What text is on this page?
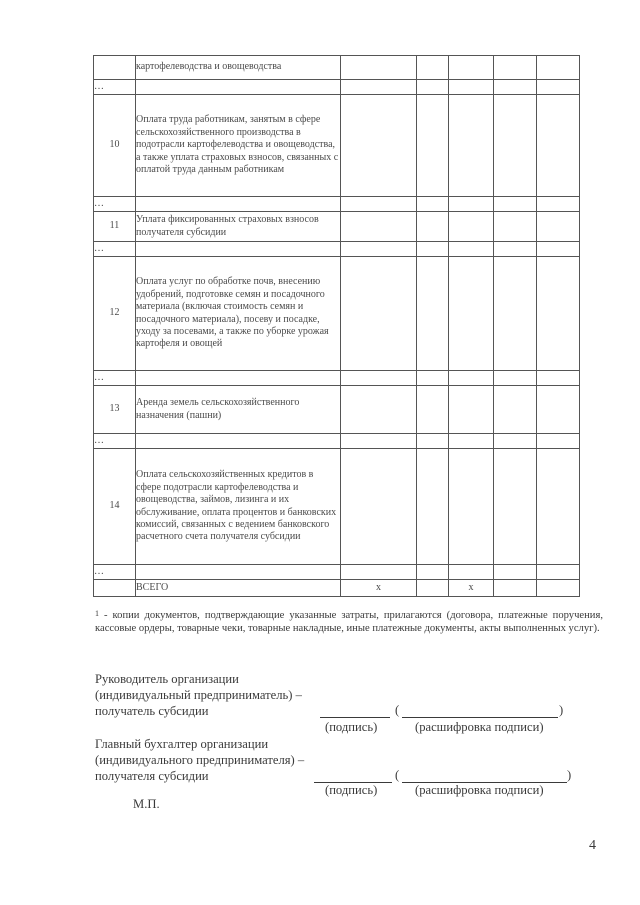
	картофелеводства и овощеводства					
…						
10	Оплата труда работникам, занятым в сфере сельскохозяйственного производства в подотрасли картофелеводства и овощеводства, а также уплата страховых взносов, связанных с оплатой труда данным работникам					
…						
11	Уплата фиксированных страховых взносов получателя субсидии					
…						
12	Оплата услуг по обработке почв, внесению удобрений, подготовке семян и посадочного материала (включая стоимость семян и посадочного материала), посеву и посадке, уходу за посевами, а также по уборке урожая картофеля и овощей					
…						
13	Аренда земель сельскохозяйственного назначения (пашни)					
…						
14	Оплата сельскохозяйственных кредитов в сфере подотрасли картофелеводства и овощеводства, займов, лизинга и их обслуживание, оплата процентов и банковских комиссий, связанных с ведением банковского расчетного счета получателя субсидии					
…						
	ВСЕГО	x		x		
$^1$ - копии документов, подтверждающие указанные затраты, прилагаются (договора, платежные поручения, кассовые ордеры, товарные чеки, товарные накладные, иные платежные документы, акты выполненных услуг).
Руководитель организации
(индивидуальный предприниматель) –
получатель субсидии	(	)
(подпись)	(расшифровка подписи)
Главный бухгалтер организации
(индивидуального предпринимателя) –
получателя субсидии	(	)
(подпись)	(расшифровка подписи)
М.П.
4
